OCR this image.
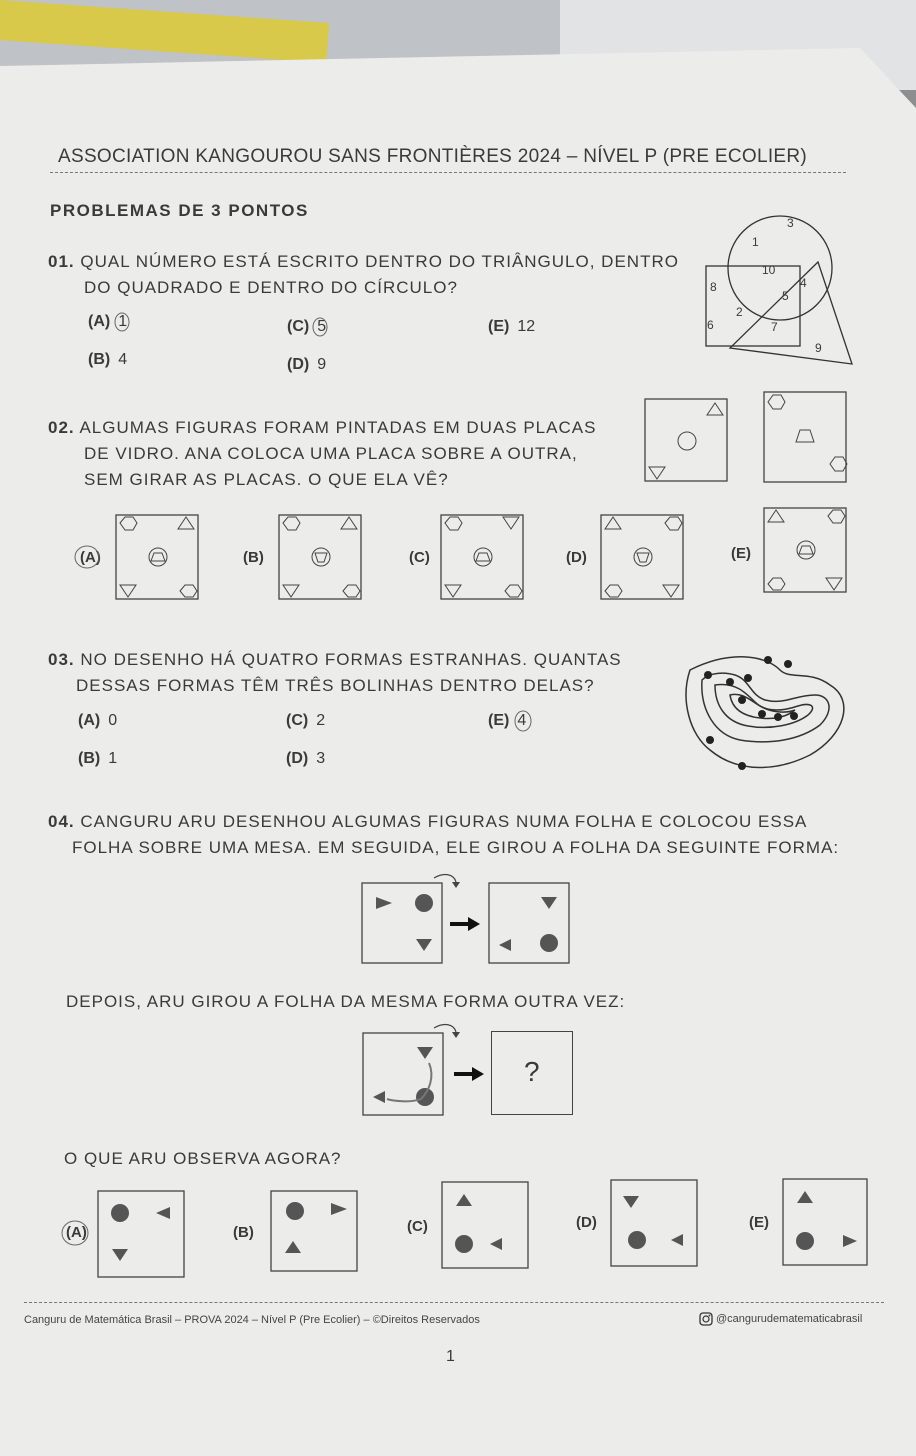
ASSOCIATION KANGOUROU SANS FRONTIÈRES 2024 – NÍVEL P (PRE ECOLIER)
PROBLEMAS DE 3 PONTOS
01. QUAL NÚMERO ESTÁ ESCRITO DENTRO DO TRIÂNGULO, DENTRO
DO QUADRADO E DENTRO DO CÍRCULO?
(A) 1
(B) 4
(C) 5
(D) 9
(E) 12
3
1
10
8	4
5
2
6	7
9
02. ALGUMAS FIGURAS FORAM PINTADAS EM DUAS PLACAS
DE VIDRO. ANA COLOCA UMA PLACA SOBRE A OUTRA,
SEM GIRAR AS PLACAS. O QUE ELA VÊ?
(A)	(B)	(C)	(D)	(E)
03. NO DESENHO HÁ QUATRO FORMAS ESTRANHAS. QUANTAS
DESSAS FORMAS TÊM TRÊS BOLINHAS DENTRO DELAS?
(A) 0
(B) 1
(C) 2
(D) 3
(E) 4
04. CANGURU ARU DESENHOU ALGUMAS FIGURAS NUMA FOLHA E COLOCOU ESSA
FOLHA SOBRE UMA MESA. EM SEGUIDA, ELE GIROU A FOLHA DA SEGUINTE FORMA:
DEPOIS, ARU GIROU A FOLHA DA MESMA FORMA OUTRA VEZ:
?
O QUE ARU OBSERVA AGORA?
(A)	(B)	(C)	(D)	(E)
Canguru de Matemática Brasil – PROVA 2024 – Nível P (Pre Ecolier) – ©Direitos Reservados	@cangurudematematicabrasil
1
